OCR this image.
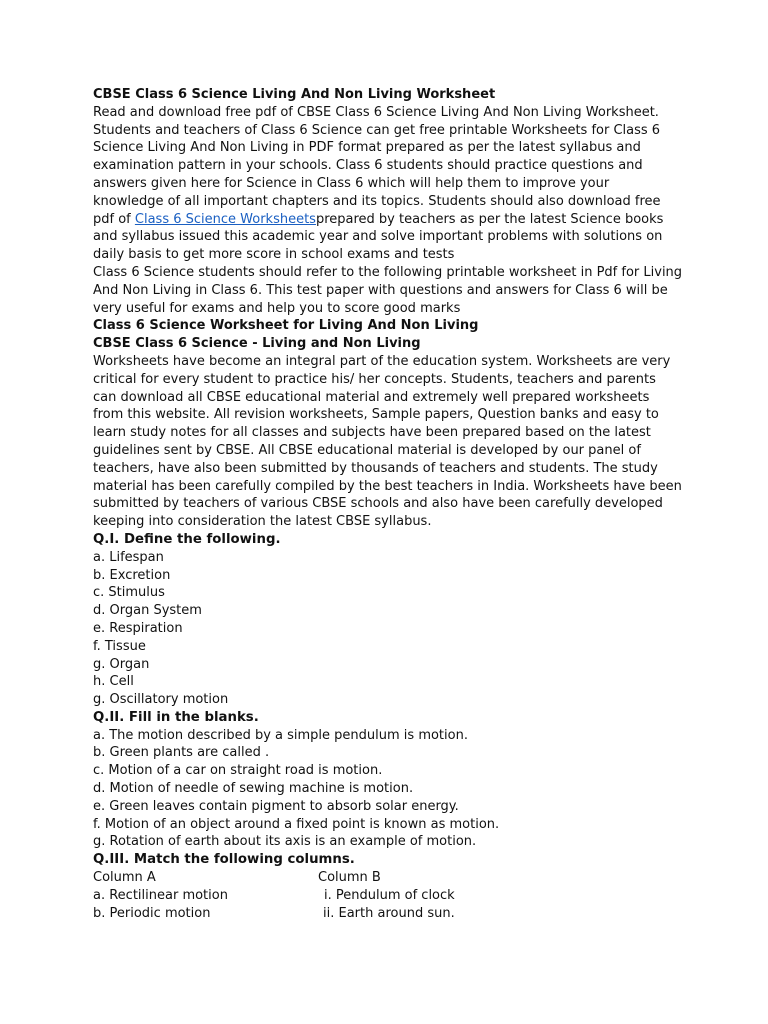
CBSE Class 6 Science Living And Non Living Worksheet

Read and download free pdf of CBSE Class 6 Science Living And Non Living Worksheet. Students and teachers of Class 6 Science can get free printable Worksheets for Class 6 Science Living And Non Living in PDF format prepared as per the latest syllabus and examination pattern in your schools. Class 6 students should practice questions and answers given here for Science in Class 6 which will help them to improve your knowledge of all important chapters and its topics. Students should also download free pdf of Class 6 Science Worksheetsprepared by teachers as per the latest Science books and syllabus issued this academic year and solve important problems with solutions on daily basis to get more score in school exams and tests

Class 6 Science students should refer to the following printable worksheet in Pdf for Living And Non Living in Class 6. This test paper with questions and answers for Class 6 will be very useful for exams and help you to score good marks

Class 6 Science Worksheet for Living And Non Living

CBSE Class 6 Science - Living and Non Living

Worksheets have become an integral part of the education system. Worksheets are very critical for every student to practice his/ her concepts. Students, teachers and parents can download all CBSE educational material and extremely well prepared worksheets from this website. All revision worksheets, Sample papers, Question banks and easy to learn study notes for all classes and subjects have been prepared based on the latest guidelines sent by CBSE. All CBSE educational material is developed by our panel of teachers, have also been submitted by thousands of teachers and students. The study material has been carefully compiled by the best teachers in India. Worksheets have been submitted by teachers of various CBSE schools and also have been carefully developed keeping into consideration the latest CBSE syllabus.

Q.I. Define the following.

a. Lifespan

b. Excretion

c. Stimulus

d. Organ System

e. Respiration

f. Tissue

g. Organ

h. Cell

g. Oscillatory motion

Q.II. Fill in the blanks.

a. The motion described by a simple pendulum is motion.

b. Green plants are called .

c. Motion of a car on straight road is motion.

d. Motion of needle of sewing machine is motion.

e. Green leaves contain pigment to absorb solar energy.

f. Motion of an object around a fixed point is known as motion.

g. Rotation of earth about its axis is an example of motion.

Q.III. Match the following columns.

Column A	Column B
a. Rectilinear motion	i. Pendulum of clock
b. Periodic motion	ii. Earth around sun.
